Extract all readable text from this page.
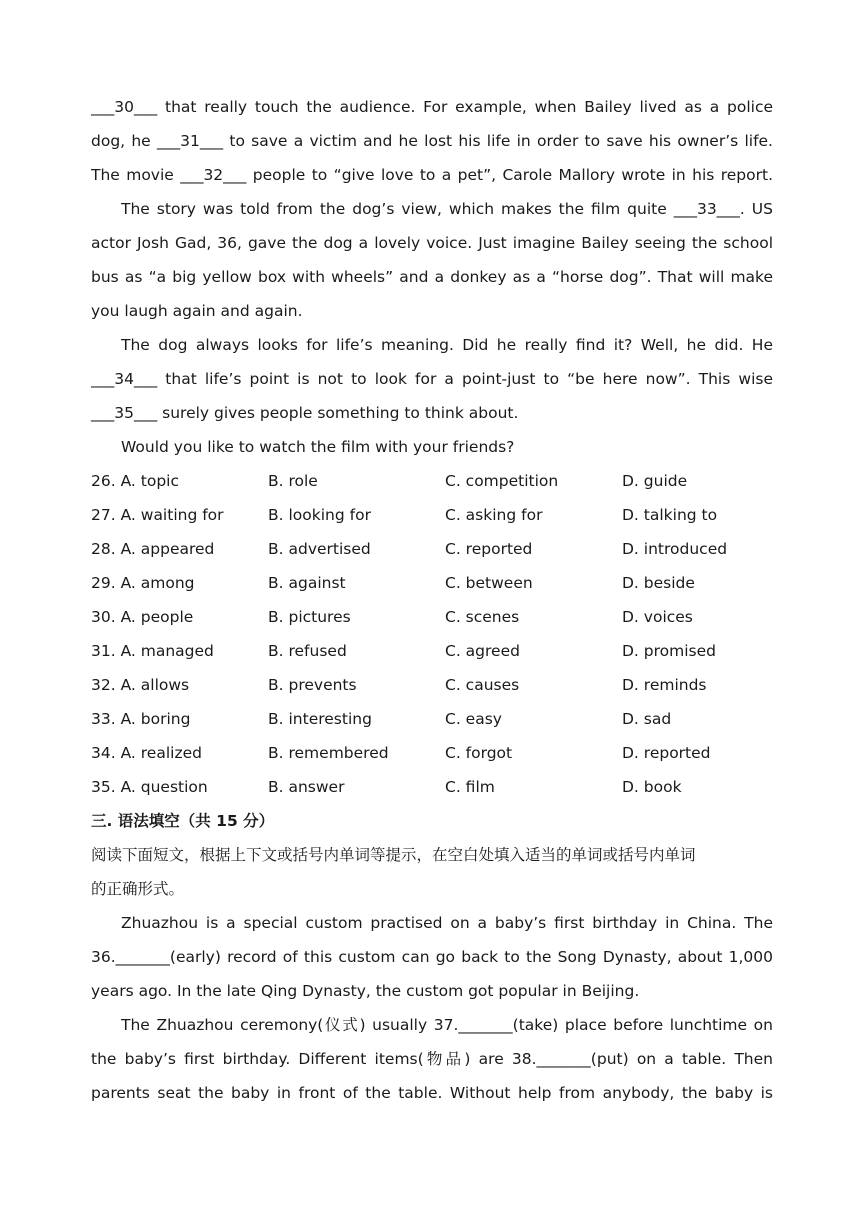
___30___ that really touch the audience. For example, when Bailey lived as a police
dog, he ___31___ to save a victim and he lost his life in order to save his owner’s life.
The movie ___32___ people to “give love to a pet”, Carole Mallory wrote in his report.
The story was told from the dog’s view, which makes the film quite ___33___. US
actor Josh Gad, 36, gave the dog a lovely voice. Just imagine Bailey seeing the school
bus as “a big yellow box with wheels” and a donkey as a “horse dog”. That will make
you laugh again and again.
The dog always looks for life’s meaning. Did he really find it? Well, he did. He
___34___ that life’s point is not to look for a point-just to “be here now”. This wise
___35___ surely gives people something to think about.
Would you like to watch the film with your friends?
26. A. topic	B. role	C. competition	D. guide
27. A. waiting for	B. looking for	C. asking for	D. talking to
28. A. appeared	B. advertised	C. reported	D. introduced
29. A. among	B. against	C. between	D. beside
30. A. people	B. pictures	C. scenes	D. voices
31. A. managed	B. refused	C. agreed	D. promised
32. A. allows	B. prevents	C. causes	D. reminds
33. A. boring	B. interesting	C. easy	D. sad
34. A. realized	B. remembered	C. forgot	D. reported
35. A. question	B. answer	C. film	D. book
三. 语法填空（共 15 分）
阅读下面短文，根据上下文或括号内单词等提示，在空白处填入适当的单词或括号内单词
的正确形式。
Zhuazhou is a special custom practised on a baby’s first birthday in China. The
36._______(early) record of this custom can go back to the Song Dynasty, about 1,000
years ago. In the late Qing Dynasty, the custom got popular in Beijing.
The Zhuazhou ceremony(仪式) usually 37._______(take) place before lunchtime on
the baby’s first birthday. Different items(物品) are 38._______(put) on a table. Then
parents seat the baby in front of the table. Without help from anybody, the baby is
